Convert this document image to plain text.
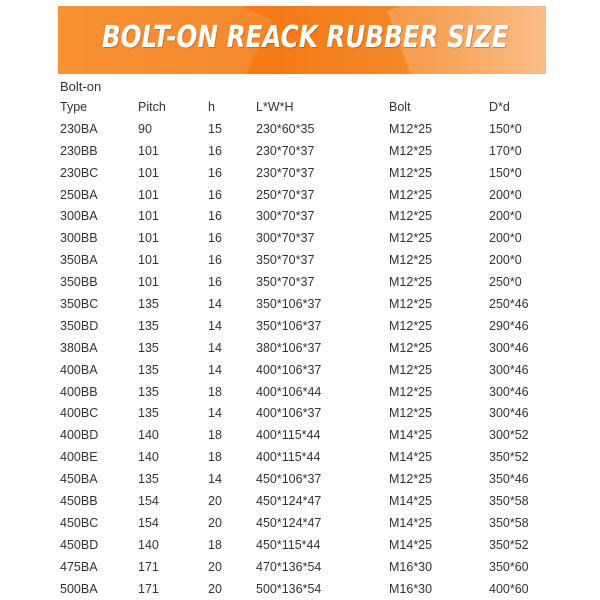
BOLT-ON REACK RUBBER SIZE
Bolt-on
Type	Pitch	h	L*W*H	Bolt	D*d
230BA	90	15	230*60*35	M12*25	150*0
230BB	101	16	230*70*37	M12*25	170*0
230BC	101	16	230*70*37	M12*25	150*0
250BA	101	16	250*70*37	M12*25	200*0
300BA	101	16	300*70*37	M12*25	200*0
300BB	101	16	300*70*37	M12*25	200*0
350BA	101	16	350*70*37	M12*25	200*0
350BB	101	16	350*70*37	M12*25	250*0
350BC	135	14	350*106*37	M12*25	250*46
350BD	135	14	350*106*37	M12*25	290*46
380BA	135	14	380*106*37	M12*25	300*46
400BA	135	14	400*106*37	M12*25	300*46
400BB	135	18	400*106*44	M12*25	300*46
400BC	135	14	400*106*37	M12*25	300*46
400BD	140	18	400*115*44	M14*25	300*52
400BE	140	18	400*115*44	M14*25	350*52
450BA	135	14	450*106*37	M12*25	350*46
450BB	154	20	450*124*47	M14*25	350*58
450BC	154	20	450*124*47	M14*25	350*58
450BD	140	18	450*115*44	M14*25	350*52
475BA	171	20	470*136*54	M16*30	350*60
500BA	171	20	500*136*54	M16*30	400*60
